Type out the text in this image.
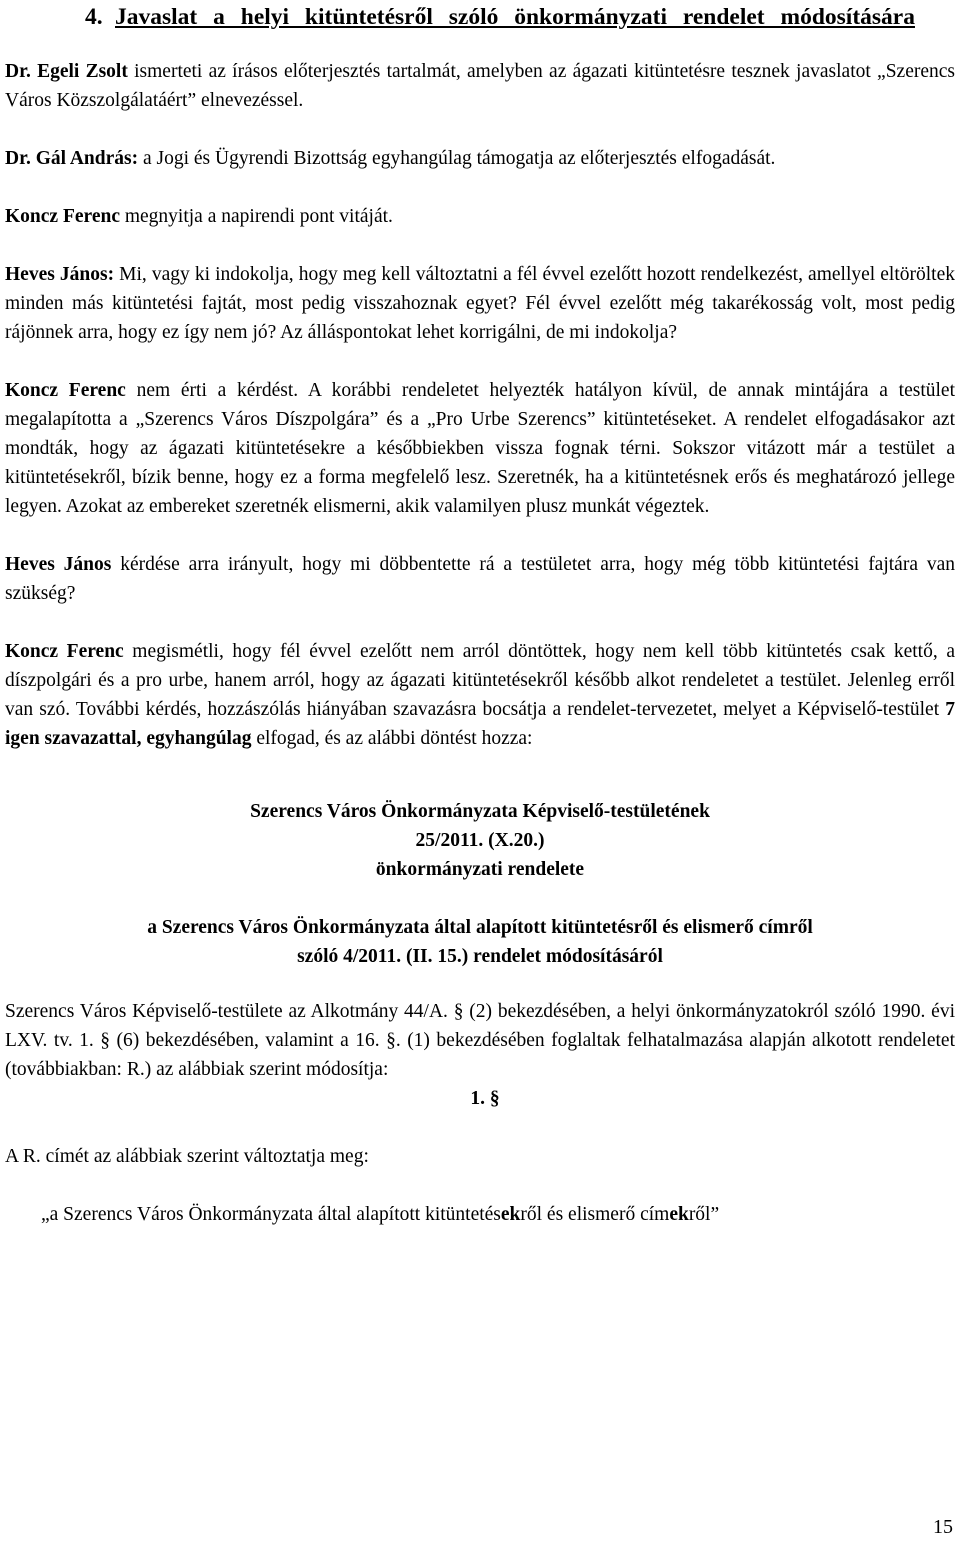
4. Javaslat a helyi kitüntetésről szóló önkormányzati rendelet módosítására

Dr. Egeli Zsolt ismerteti az írásos előterjesztés tartalmát, amelyben az ágazati kitüntetésre tesznek javaslatot „Szerencs Város Közszolgálatáért” elnevezéssel.

Dr. Gál András: a Jogi és Ügyrendi Bizottság egyhangúlag támogatja az előterjesztés elfogadását.

Koncz Ferenc megnyitja a napirendi pont vitáját.

Heves János: Mi, vagy ki indokolja, hogy meg kell változtatni a fél évvel ezelőtt hozott rendelkezést, amellyel eltöröltek minden más kitüntetési fajtát, most pedig visszahoznak egyet? Fél évvel ezelőtt még takarékosság volt, most pedig rájönnek arra, hogy ez így nem jó? Az álláspontokat lehet korrigálni, de mi indokolja?

Koncz Ferenc nem érti a kérdést. A korábbi rendeletet helyezték hatályon kívül, de annak mintájára a testület megalapította a „Szerencs Város Díszpolgára” és a „Pro Urbe Szerencs” kitüntetéseket. A rendelet elfogadásakor azt mondták, hogy az ágazati kitüntetésekre a későbbiekben vissza fognak térni. Sokszor vitázott már a testület a kitüntetésekről, bízik benne, hogy ez a forma megfelelő lesz. Szeretnék, ha a kitüntetésnek erős és meghatározó jellege legyen. Azokat az embereket szeretnék elismerni, akik valamilyen plusz munkát végeztek.

Heves János kérdése arra irányult, hogy mi döbbentette rá a testületet arra, hogy még több kitüntetési fajtára van szükség?

Koncz Ferenc megismétli, hogy fél évvel ezelőtt nem arról döntöttek, hogy nem kell több kitüntetés csak kettő, a díszpolgári és a pro urbe, hanem arról, hogy az ágazati kitüntetésekről később alkot rendeletet a testület. Jelenleg erről van szó. További kérdés, hozzászólás hiányában szavazásra bocsátja a rendelet-tervezetet, melyet a Képviselő-testület 7 igen szavazattal, egyhangúlag elfogad, és az alábbi döntést hozza:

Szerencs Város Önkormányzata Képviselő-testületének
25/2011. (X.20.)
önkormányzati rendelete
a Szerencs Város Önkormányzata által alapított kitüntetésről és elismerő címről
szóló 4/2011. (II. 15.) rendelet módosításáról

Szerencs Város Képviselő-testülete az Alkotmány 44/A. § (2) bekezdésében, a helyi önkormányzatokról szóló 1990. évi LXV. tv. 1. § (6) bekezdésében, valamint a 16. §. (1) bekezdésében foglaltak felhatalmazása alapján alkotott rendeletet (továbbiakban: R.) az alábbiak szerint módosítja:

1. §

A R. címét az alábbiak szerint változtatja meg:

„a Szerencs Város Önkormányzata által alapított kitüntetésekről és elismerő címekről”

15
